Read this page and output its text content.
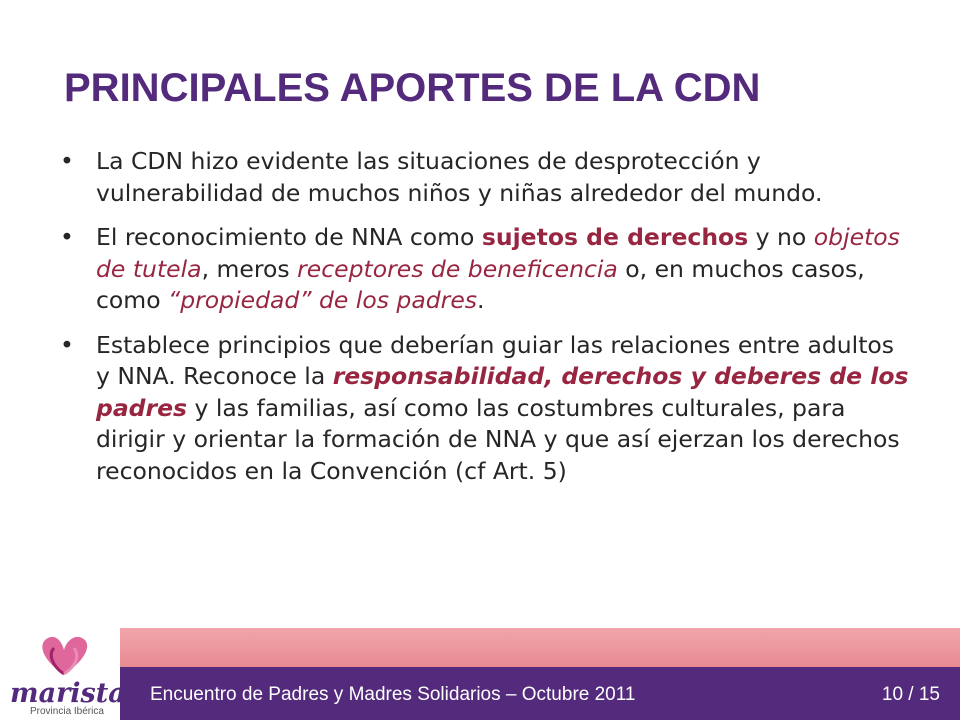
PRINCIPALES APORTES DE LA CDN
• La CDN hizo evidente las situaciones de desprotección y vulnerabilidad de muchos niños y niñas alrededor del mundo.
• El reconocimiento de NNA como sujetos de derechos y no objetos de tutela, meros receptores de beneficencia o, en muchos casos, como “propiedad” de los padres.
• Establece principios que deberían guiar las relaciones entre adultos y NNA. Reconoce la responsabilidad, derechos y deberes de los padres y las familias, así como las costumbres culturales, para dirigir y orientar la formación de NNA y que así ejerzan los derechos reconocidos en la Convención (cf Art. 5)
Encuentro de Padres y Madres Solidarios – Octubre 2011	10 / 15
maristas
Provincia Ibérica
